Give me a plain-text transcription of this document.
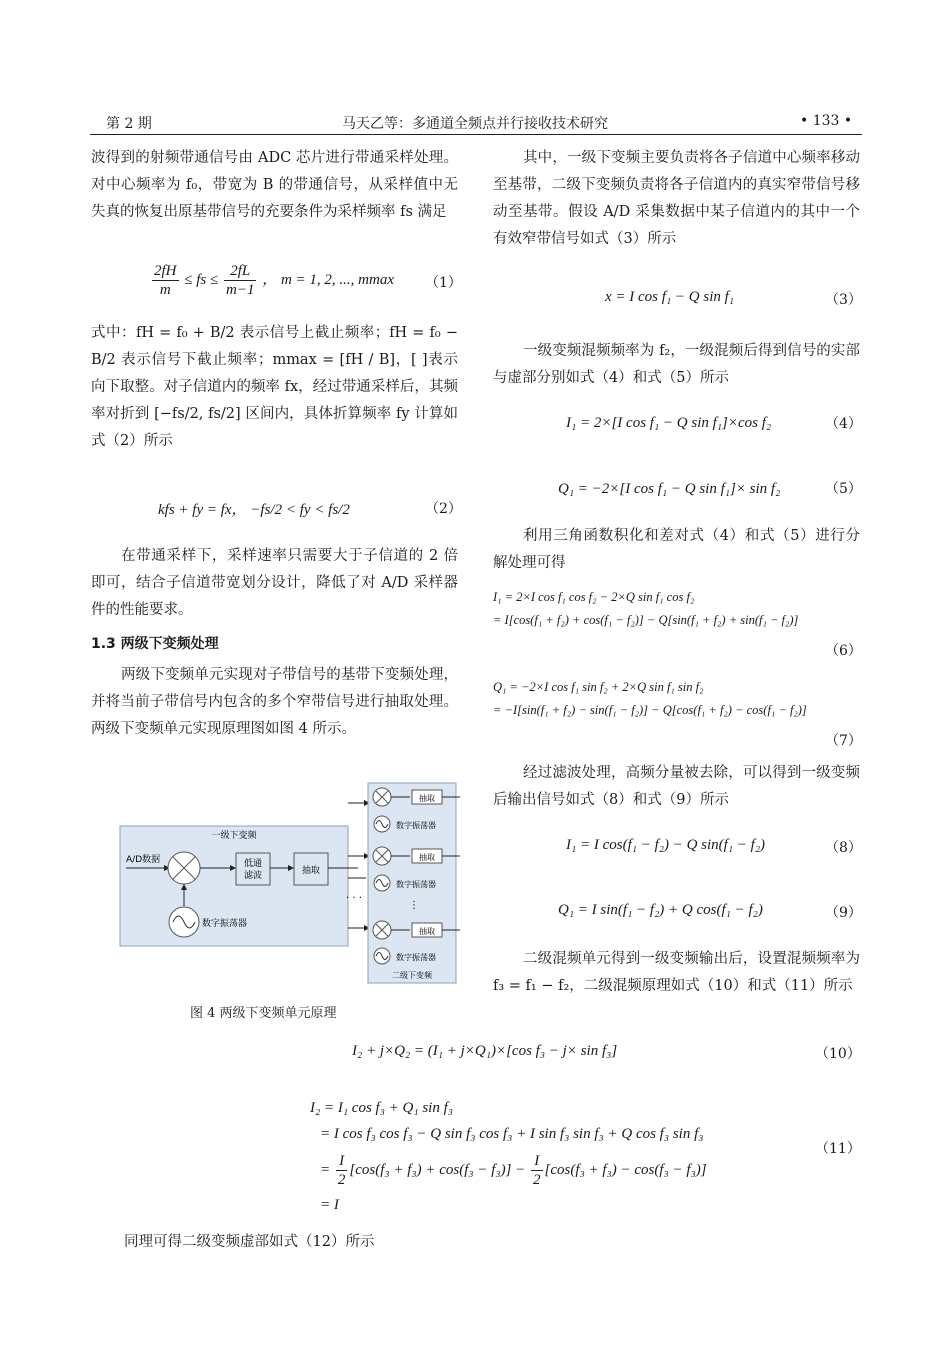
第 2 期	马天乙等：多通道全频点并行接收技术研究	• 133 •
波得到的射频带通信号由 ADC 芯片进行带通采样处理。对中心频率为 f₀，带宽为 B 的带通信号，从采样值中无失真的恢复出原基带信号的充要条件为采样频率 fs 满足
$\frac{2fH}{m}$ ≤ fs ≤ $\frac{2fL}{m-1}$ ， m = 1, 2, ..., mmax （1）
式中：fH = f₀ + B/2 表示信号上截止频率；fH = f₀ − B/2 表示信号下截止频率；mmax = [fH / B]，[ ]表示向下取整。对子信道内的频率 fx，经过带通采样后，其频率对折到 [−fs/2, fs/2] 区间内，具体折算频率 fy 计算如式（2）所示
kfs + fy = fx， −fs/2 < fy < fs/2	（2）
在带通采样下，采样速率只需要大于子信道的 2 倍即可，结合子信道带宽划分设计，降低了对 A/D 采样器件的性能要求。
1.3 两级下变频处理
两级下变频单元实现对子带信号的基带下变频处理，并将当前子带信号内包含的多个窄带信号进行抽取处理。两级下变频单元实现原理图如图 4 所示。
一级下变频
A/D数据	低通
滤波	抽取
数字振荡器
. . .
抽取
数字振荡器
抽取
数字振荡器
⋮
抽取
数字振荡器
二级下变频
图 4 两级下变频单元原理
其中，一级下变频主要负责将各子信道中心频率移动至基带，二级下变频负责将各子信道内的真实窄带信号移动至基带。假设 A/D 采集数据中某子信道内的其中一个有效窄带信号如式（3）所示
x = I cos f₁ − Q sin f₁	（3）
一级变频混频频率为 f₂，一级混频后得到信号的实部与虚部分别如式（4）和式（5）所示
I₁ = 2×[I cos f₁ − Q sin f₁]×cos f₂	（4）
Q₁ = −2×[I cos f₁ − Q sin f₁]× sin f₂	（5）
利用三角函数积化和差对式（4）和式（5）进行分解处理可得
I₁ = 2×I cos f₁ cos f₂ − 2×Q sin f₁ cos f₂
= I[cos(f₁ + f₂) + cos(f₁ − f₂)] − Q[sin(f₁ + f₂) + sin(f₁ − f₂)]
（6）
Q₁ = −2×I cos f₁ sin f₂ + 2×Q sin f₁ sin f₂
= −I[sin(f₁ + f₂) − sin(f₁ − f₂)] − Q[cos(f₁ + f₂) − cos(f₁ − f₂)]
（7）
经过滤波处理，高频分量被去除，可以得到一级变频后输出信号如式（8）和式（9）所示
I₁ = I cos(f₁ − f₂) − Q sin(f₁ − f₂)	（8）
Q₁ = I sin(f₁ − f₂) + Q cos(f₁ − f₂)	（9）
二级混频单元得到一级变频输出后，设置混频频率为 f₃ = f₁ − f₂，二级混频原理如式（10）和式（11）所示
I₂ + j×Q₂ = (I₁ + j×Q₁)×[cos f₃ − j× sin f₃]	（10）
I₂ = I₁ cos f₃ + Q₁ sin f₃
= I cos f₃ cos f₃ − Q sin f₃ cos f₃ + I sin f₃ sin f₃ + Q cos f₃ sin f₃
= $\frac{I}{2} [\cos(f_3 + f_3) + \cos(f_3 - f_3)] - \frac{I}{2} [\cos(f_3 + f_3) - \cos(f_3 - f_3)]$
= I
（11）
同理可得二级变频虚部如式（12）所示
